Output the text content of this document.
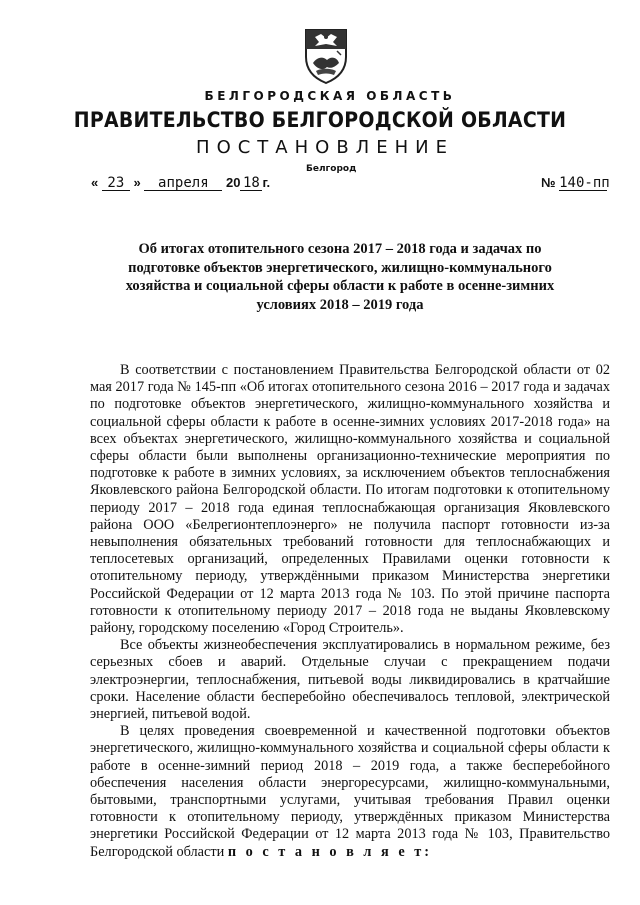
БЕЛГОРОДСКАЯ ОБЛАСТЬ
ПРАВИТЕЛЬСТВО БЕЛГОРОДСКОЙ ОБЛАСТИ
ПОСТАНОВЛЕНИЕ
Белгород
« 23 » апреля 20 18 г.	№ 140-пп
Об итогах отопительного сезона 2017 – 2018 года и задачах по подготовке объектов энергетического, жилищно-коммунального хозяйства и социальной сферы области к работе в осенне-зимних условиях 2018 – 2019 года

В соответствии с постановлением Правительства Белгородской области от 02 мая 2017 года № 145-пп «Об итогах отопительного сезона 2016 – 2017 года и задачах по подготовке объектов энергетического, жилищно-коммунального хозяйства и социальной сферы области к работе в осенне-зимних условиях 2017-2018 года» на всех объектах энергетического, жилищно-коммунального хозяйства и социальной сферы области были выполнены организационно-технические мероприятия по подготовке к работе в зимних условиях, за исключением объектов теплоснабжения Яковлевского района Белгородской области. По итогам подготовки к отопительному периоду 2017 – 2018 года единая теплоснабжающая организация Яковлевского района ООО «Белрегионтеплоэнерго» не получила паспорт готовности из-за невыполнения обязательных требований готовности для теплоснабжающих и теплосетевых организаций, определенных Правилами оценки готовности к отопительному периоду, утверждёнными приказом Министерства энергетики Российской Федерации от 12 марта 2013 года № 103. По этой причине паспорта готовности к отопительному периоду 2017 – 2018 года не выданы Яковлевскому району, городскому поселению «Город Строитель».

Все объекты жизнеобеспечения эксплуатировались в нормальном режиме, без серьезных сбоев и аварий. Отдельные случаи с прекращением подачи электроэнергии, теплоснабжения, питьевой воды ликвидировались в кратчайшие сроки. Население области бесперебойно обеспечивалось тепловой, электрической энергией, питьевой водой.

В целях проведения своевременной и качественной подготовки объектов энергетического, жилищно-коммунального хозяйства и социальной сферы области к работе в осенне-зимний период 2018 – 2019 года, а также бесперебойного обеспечения населения области энергоресурсами, жилищно-коммунальными, бытовыми, транспортными услугами, учитывая требования Правил оценки готовности к отопительному периоду, утверждённых приказом Министерства энергетики Российской Федерации от 12 марта 2013 года № 103, Правительство Белгородской области п о с т а н о в л я е т:
